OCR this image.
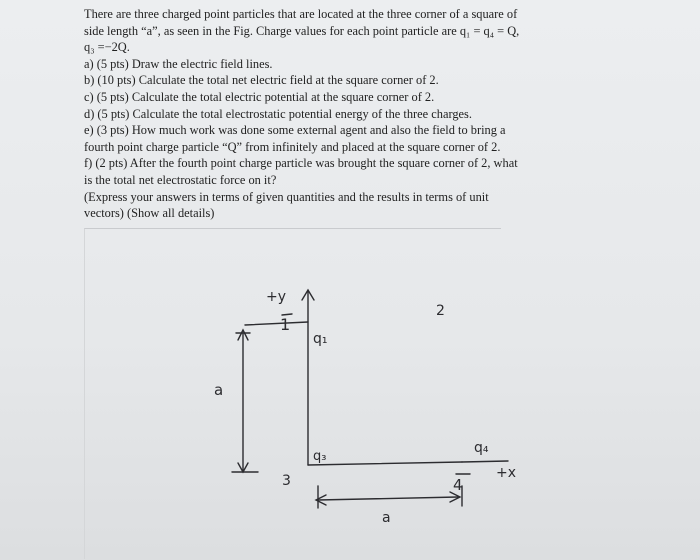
There are three charged point particles that are located at the three corner of a square of

side length “a”, as seen in the Fig. Charge values for each point particle are q₁ = q₄ = Q,

q₃ =−2Q.

a) (5 pts) Draw the electric field lines.

b) (10 pts) Calculate the total net electric field at the square corner of 2.

c) (5 pts) Calculate the total electric potential at the square corner of 2.

d) (5 pts) Calculate the total electrostatic potential energy of the three charges.

e) (3 pts) How much work was done some external agent and also the field to bring a

fourth point charge particle “Q” from infinitely and placed at the square corner of 2.

f) (2 pts) After the fourth point charge particle was brought the square corner of 2, what

is the total net electrostatic force on it?

(Express your answers in terms of given quantities and the results in terms of unit

vectors) (Show all details)

+y
1
q₁
2
a
q₄
q₃
+x
3	4
a
